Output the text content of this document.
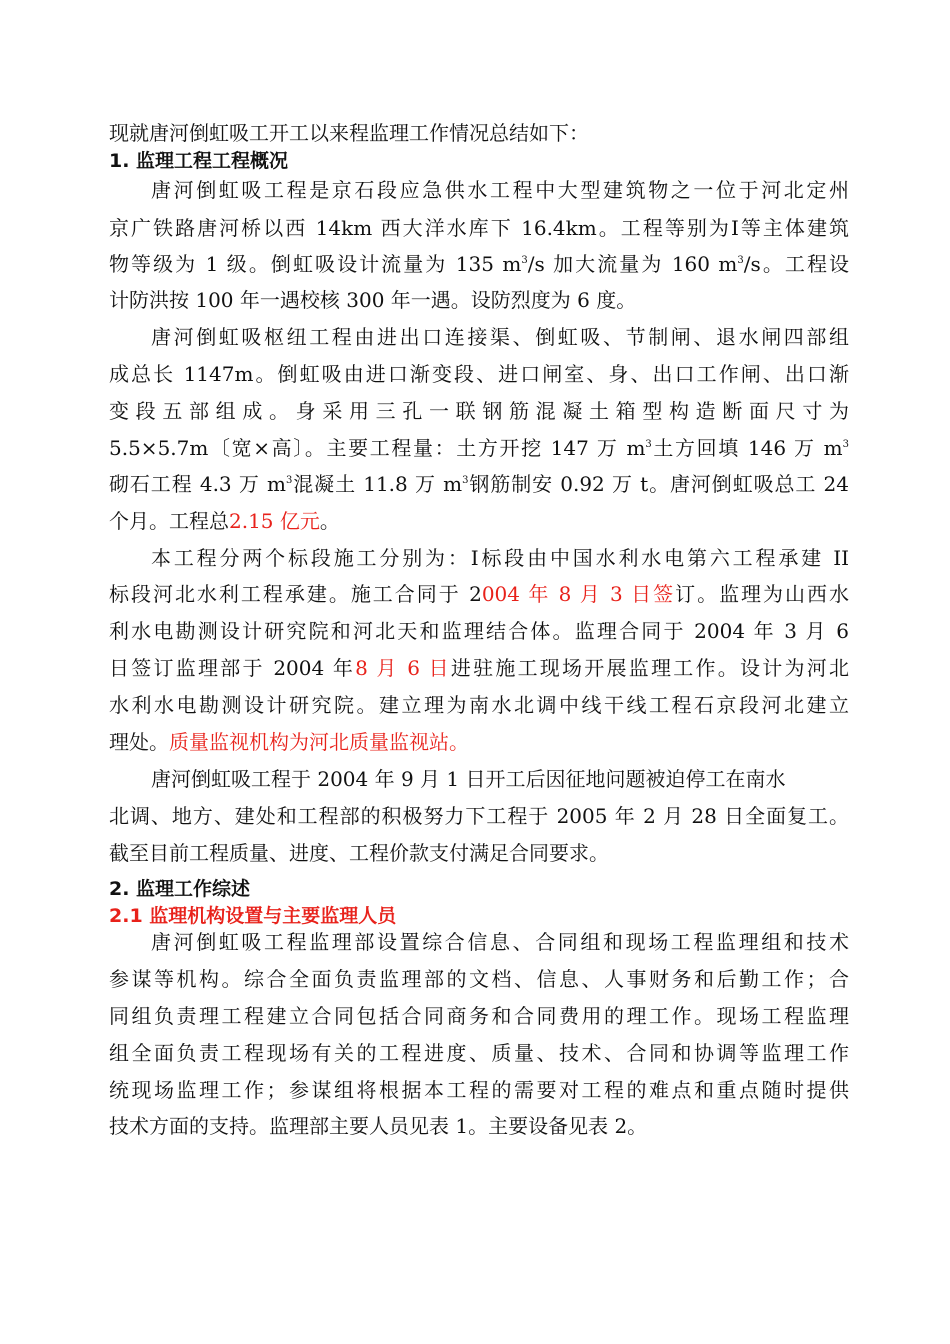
现就唐河倒虹吸工开工以来程监理工作情况总结如下：
1. 监理工程工程概况
唐河倒虹吸工程是京石段应急供水工程中大型建筑物之一位于河北定州
京广铁路唐河桥以西 14km 西大洋水库下 16.4km。工程等别为Ⅰ等主体建筑
物等级为 1 级。倒虹吸设计流量为 135 $m^3/s$ 加大流量为 160 $m^3/s$。工程设
计防洪按 100 年一遇校核 300 年一遇。设防烈度为 6 度。
唐河倒虹吸枢纽工程由进出口连接渠、倒虹吸、节制闸、退水闸四部组
成总长 1147m。倒虹吸由进口渐变段、进口闸室、身、出口工作闸、出口渐
变段五部组成。身采用三孔一联钢筋混凝土箱型构造断面尺寸为
5.5×5.7m〔宽×高〕。主要工程量：土方开挖 147 万 $m^3$土方回填 146 万 $m^3$
砌石工程 4.3 万 $m^3$混凝土 11.8 万 $m^3$钢筋制安 0.92 万 t。唐河倒虹吸总工 24
个月。工程总2.15 亿元。
本工程分两个标段施工分别为：Ⅰ标段由中国水利水电第六工程承建 II
标段河北水利工程承建。施工合同于 2004 年 8 月 3 日签订。监理为山西水
利水电勘测设计研究院和河北天和监理结合体。监理合同于 2004 年 3 月 6
日签订监理部于 2004 年8 月 6 日进驻施工现场开展监理工作。设计为河北
水利水电勘测设计研究院。建立理为南水北调中线干线工程石京段河北建立
理处。质量监视机构为河北质量监视站。
唐河倒虹吸工程于 2004 年 9 月 1 日开工后因征地问题被迫停工在南水
北调、地方、建处和工程部的积极努力下工程于 2005 年 2 月 28 日全面复工。
截至目前工程质量、进度、工程价款支付满足合同要求。
2. 监理工作综述
2.1 监理机构设置与主要监理人员
唐河倒虹吸工程监理部设置综合信息、合同组和现场工程监理组和技术
参谋等机构。综合全面负责监理部的文档、信息、人事财务和后勤工作；合
同组负责理工程建立合同包括合同商务和合同费用的理工作。现场工程监理
组全面负责工程现场有关的工程进度、质量、技术、合同和协调等监理工作
统现场监理工作；参谋组将根据本工程的需要对工程的难点和重点随时提供
技术方面的支持。监理部主要人员见表 1。主要设备见表 2。
